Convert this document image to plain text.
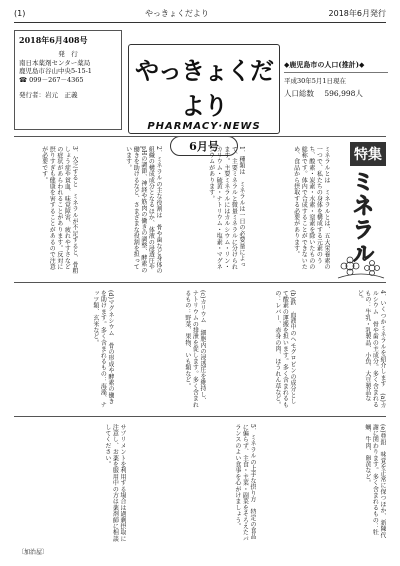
(1)	やっきょくだより	2018年6月発行
2018年6月408号
発　行
南日本薬剤センター薬局
鹿児島市谷山中央5-15-1
☎ 099－267－4365
発行者：岩元　正義
やっきょくだより
PHARMACY·NEWS
6月号
◆鹿児島市の人口(推計)◆
平成30年5月1日現在
人口総数 596,998人
特集
ミネラル
ミネラルとは　ミネラルとは、五大栄養素の一つで、私たちの身体を構成する元素のうち、酸素・炭素・水素・窒素を除いたものの総称です。体内で合成することができないため、食品から摂取する必要があります。
1．種類は　ミネラルは一日の必要量によって、主要ミネラルと微量ミネラルに分けられます。主要ミネラルにはカルシウム・リン・カリウム・硫黄・ナトリウム・塩素・マグネシウムがあります。
2．ミネラルの主な役割は　骨や歯など身体の組織の構成成分となるほか、体液の浸透圧やpHの調節、神経や筋肉の働きの調整、酵素の働きを助けるなど、さまざまな役割を担っています。
3．欠乏すると　ミネラルが不足すると、骨粗しょう症や貧血、味覚障害、疲れやすさなどの症状があらわれることがあります。反対に摂りすぎも健康を害することがあるので注意が必要です。
4．いくつかミネラルを紹介します　(a)カルシウム　骨や歯の主成分。多く含まれるもの：牛乳・乳製品、小魚、大豆製品など。
(b)鉄　血液中のヘモグロビンの成分として酸素の運搬を担います。多く含まれるもの：レバー、赤身の肉、ほうれん草など。
(c)カリウム　細胞内の浸透圧を維持し、ナトリウムの排泄を促します。多く含まれるもの：野菜、果物、いも類など。
(d)マグネシウム　骨の形成や酵素の働きを助けます。多く含まれるもの：海藻、ナッツ類、玄米など。
(e)亜鉛　味覚を正常に保つほか、新陳代謝に関わります。多く含まれるもの：牡蠣、牛肉、卵黄など。
5．ミネラルの上手な摂り方　特定の食品に偏らず、主食・主菜・副菜をそろえたバランスのよい食事を心がけましょう。
サプリメントを利用する場合は過剰摂取に注意し、お薬を服用中の方は薬剤師に相談してください。
〔加治屋〕
